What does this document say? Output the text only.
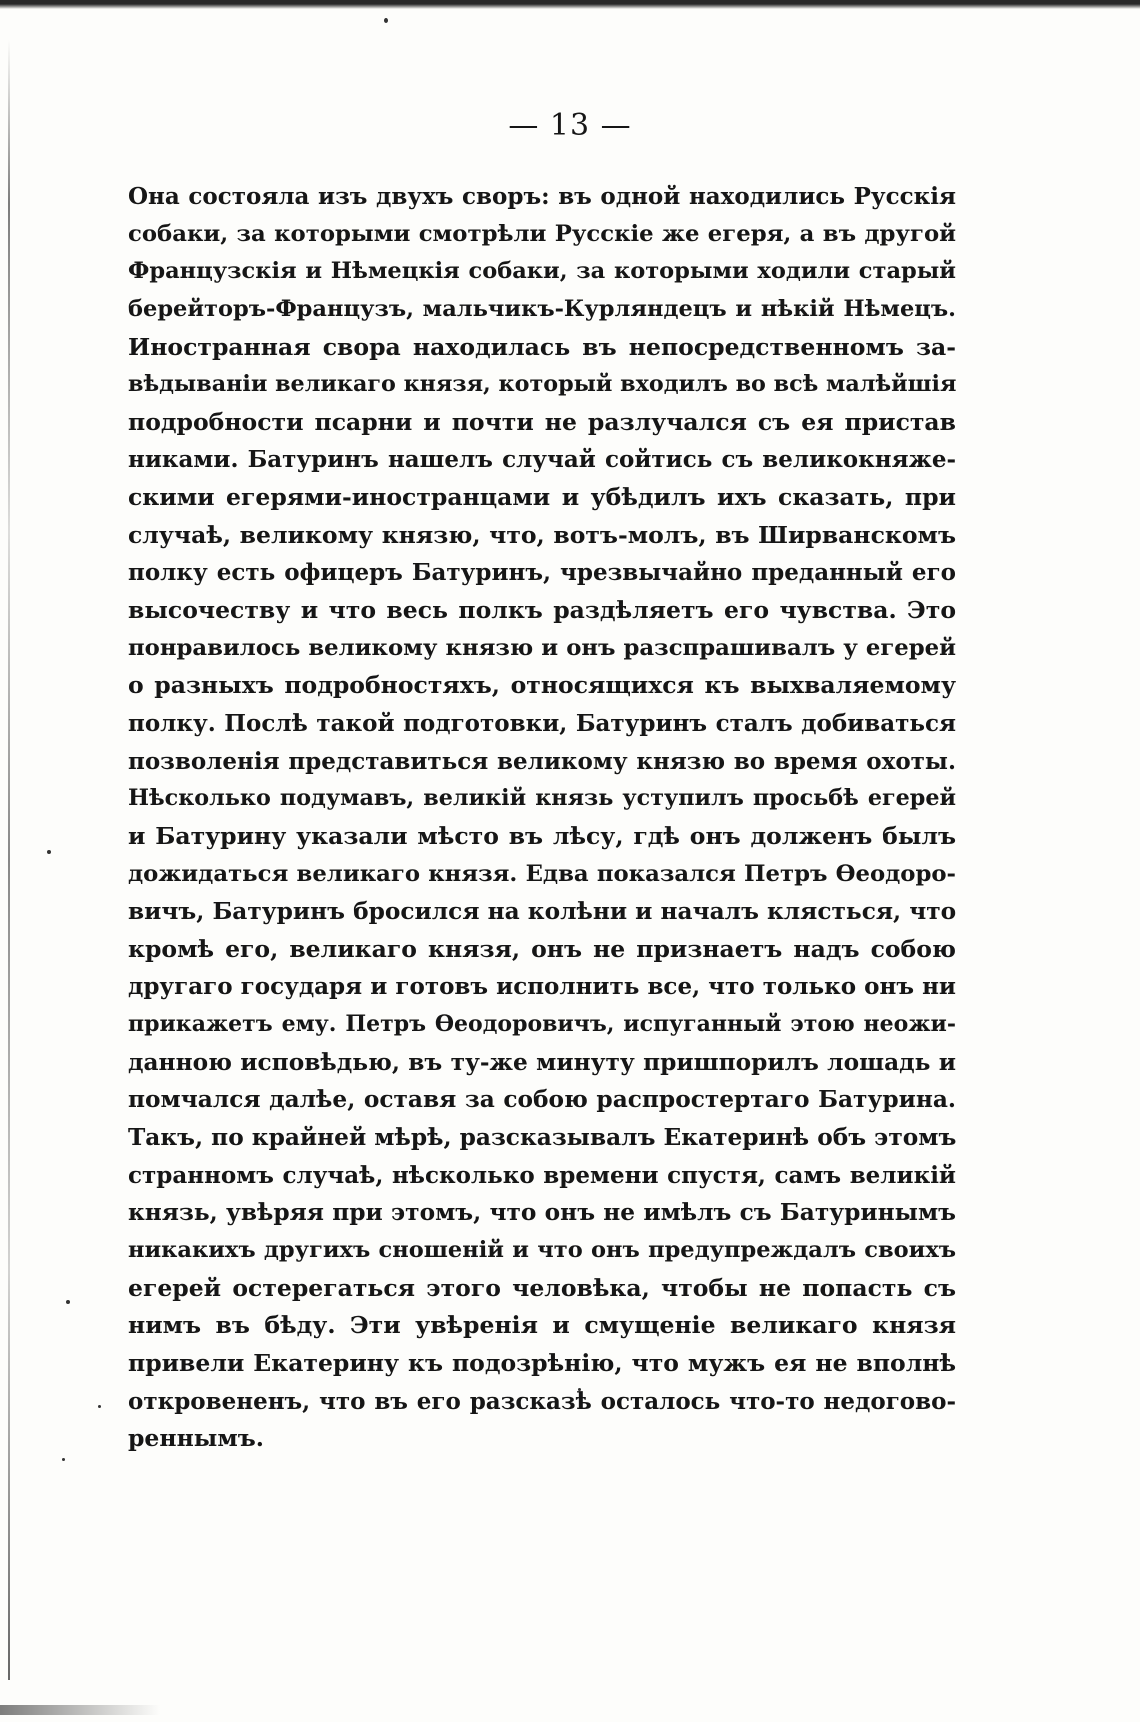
— 13 —
Она состояла изъ двухъ своръ: въ одной находились Русскія
собаки, за которыми смотрѣли Русскіе же егеря, а въ другой
Французскія и Нѣмецкія собаки, за которыми ходили старый
берейторъ-Французъ, мальчикъ-Курляндецъ и нѣкій Нѣмецъ.
Иностранная свора находилась въ непосредственномъ за-
вѣдываніи великаго князя, который входилъ во всѣ малѣйшія
подробности псарни и почти не разлучался съ ея пристав
никами. Батуринъ нашелъ случай сойтись съ великокняже-
скими егерями-иностранцами и убѣдилъ ихъ сказать, при
случаѣ, великому князю, что, вотъ-молъ, въ Ширванскомъ
полку есть офицеръ Батуринъ, чрезвычайно преданный его
высочеству и что весь полкъ раздѣляетъ его чувства. Это
понравилось великому князю и онъ разспрашивалъ у егерей
о разныхъ подробностяхъ, относящихся къ выхваляемому
полку. Послѣ такой подготовки, Батуринъ сталъ добиваться
позволенія представиться великому князю во время охоты.
Нѣсколько подумавъ, великій князь уступилъ просьбѣ егерей
и Батурину указали мѣсто въ лѣсу, гдѣ онъ долженъ былъ
дожидаться великаго князя. Едва показался Петръ Ѳеодоро-
вичъ, Батуринъ бросился на колѣни и началъ клясться, что
кромѣ его, великаго князя, онъ не признаетъ надъ собою
другаго государя и готовъ исполнить все, что только онъ ни
прикажетъ ему. Петръ Ѳеодоровичъ, испуганный этою неожи-
данною исповѣдью, въ ту-же минуту пришпорилъ лошадь и
помчался далѣе, оставя за собою распростертаго Батурина.
Такъ, по крайней мѣрѣ, разсказывалъ Екатеринѣ объ этомъ
странномъ случаѣ, нѣсколько времени спустя, самъ великій
князь, увѣряя при этомъ, что онъ не имѣлъ съ Батуринымъ
никакихъ другихъ сношеній и что онъ предупреждалъ своихъ
егерей остерегаться этого человѣка, чтобы не попасть съ
нимъ въ бѣду. Эти увѣренія и смущеніе великаго князя
привели Екатерину къ подозрѣнію, что мужъ ея не вполнѣ
откровененъ, что въ его разсказѣ осталось что-то недогово-
реннымъ.
